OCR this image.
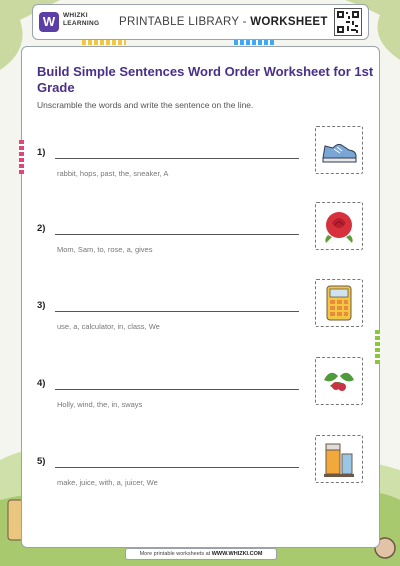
W	WHIZKI
LEARNING PRINTABLE LIBRARY - WORKSHEET
Build Simple Sentences Word Order Worksheet for 1st Grade
Unscramble the words and write the sentence on the line.
1)
rabbit, hops, past, the, sneaker, A
2)
Mom, Sam, to, rose, a, gives
3)
use, a, calculator, in, class, We
4)
Holly, wind, the, in, sways
5)
make, juice, with, a, juicer, We
More printable worksheets at WWW.WHIZKI.COM
